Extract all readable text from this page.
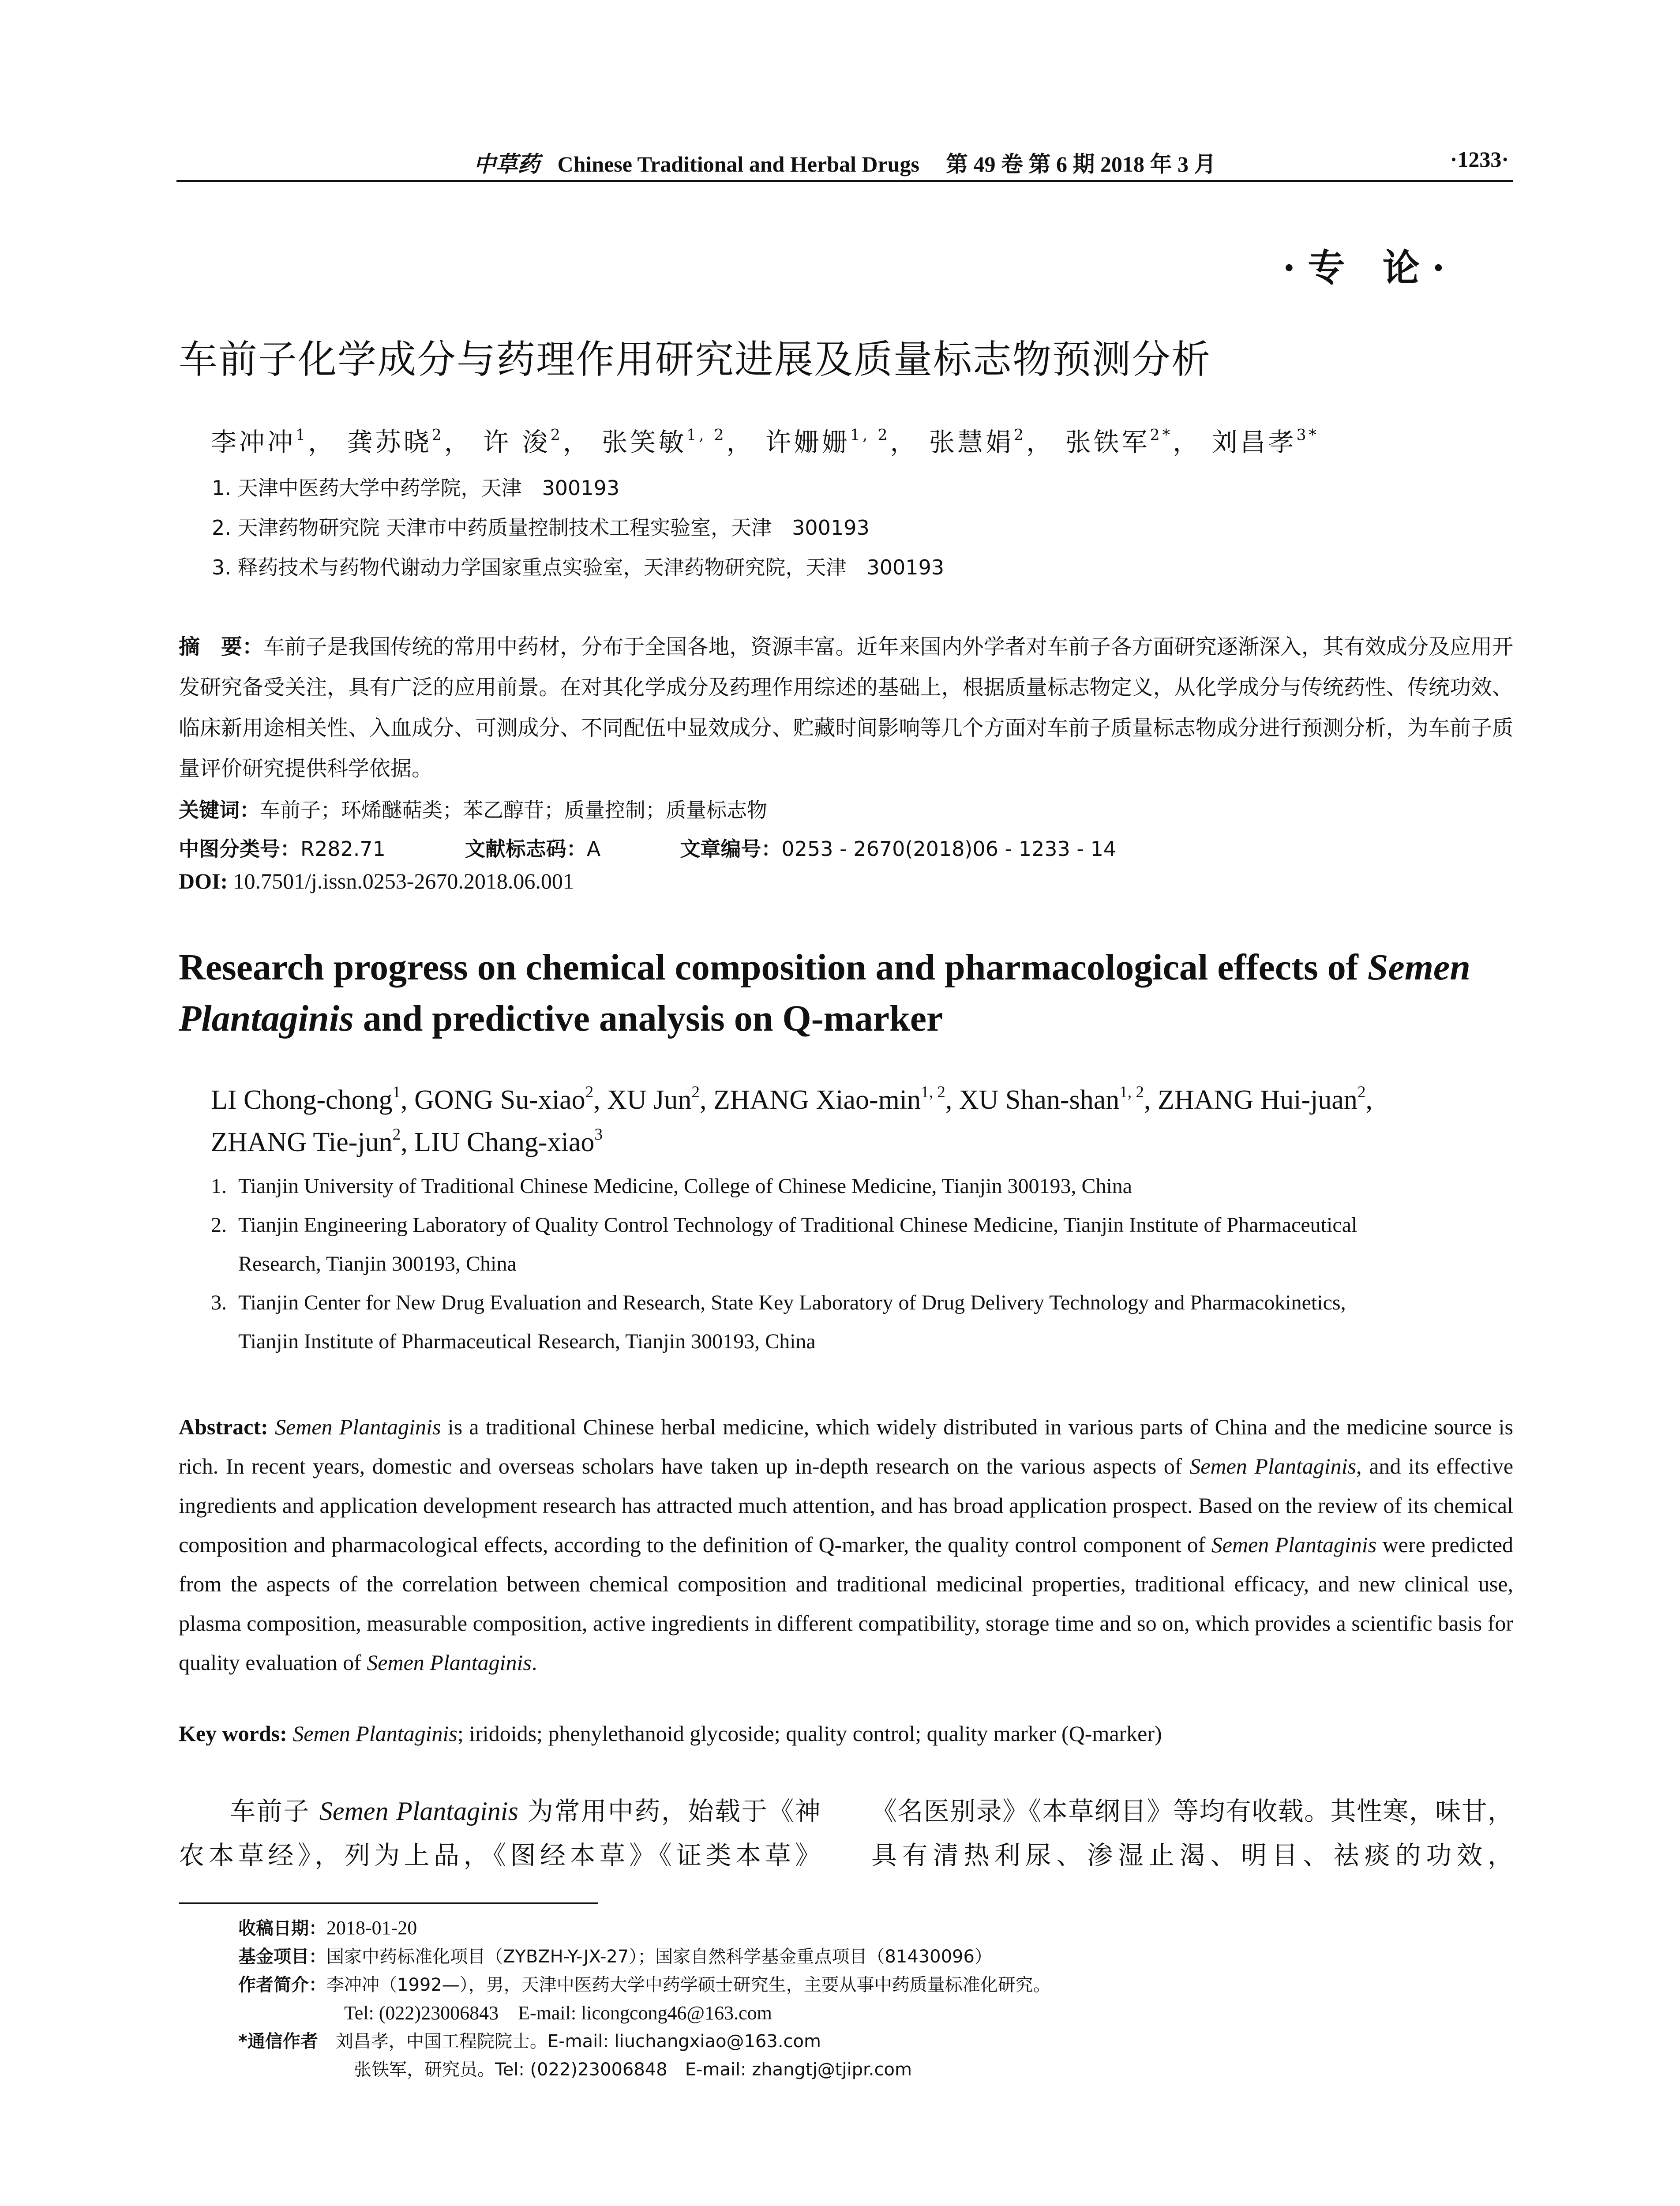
中草药 Chinese Traditional and Herbal Drugs 第 49 卷 第 6 期 2018 年 3 月	·1233·
·专 论·
车前子化学成分与药理作用研究进展及质量标志物预测分析
李冲冲$^1$， 龚苏晓$^2$， 许 浚$^2$， 张笑敏$^{1, 2}$， 许姗姗$^{1, 2}$， 张慧娟$^2$， 张铁军$^{2*}$， 刘昌孝$^{3*}$
1. 天津中医药大学中药学院，天津　300193
2. 天津药物研究院 天津市中药质量控制技术工程实验室，天津　300193
3. 释药技术与药物代谢动力学国家重点实验室，天津药物研究院，天津　300193
摘　要：车前子是我国传统的常用中药材，分布于全国各地，资源丰富。近年来国内外学者对车前子各方面研究逐渐深入，其有效成分及应用开发研究备受关注，具有广泛的应用前景。在对其化学成分及药理作用综述的基础上，根据质量标志物定义，从化学成分与传统药性、传统功效、临床新用途相关性、入血成分、可测成分、不同配伍中显效成分、贮藏时间影响等几个方面对车前子质量标志物成分进行预测分析，为车前子质量评价研究提供科学依据。
关键词：车前子；环烯醚萜类；苯乙醇苷；质量控制；质量标志物
中图分类号：R282.71	文献标志码：A	文章编号：0253 - 2670(2018)06 - 1233 - 14
DOI: 10.7501/j.issn.0253-2670.2018.06.001
Research progress on chemical composition and pharmacological effects of Semen Plantaginis and predictive analysis on Q-marker
LI Chong-chong$^1$, GONG Su-xiao$^2$, XU Jun$^2$, ZHANG Xiao-$\min^{1, 2}$, XU Shan-shan$^{1, 2}$, ZHANG Hui-juan$^2$,
ZHANG Tie-jun$^2$, LIU Chang-xiao$^3$
1. Tianjin University of Traditional Chinese Medicine, College of Chinese Medicine, Tianjin 300193, China
2. Tianjin Engineering Laboratory of Quality Control Technology of Traditional Chinese Medicine, Tianjin Institute of Pharmaceutical
Research, Tianjin 300193, China
3. Tianjin Center for New Drug Evaluation and Research, State Key Laboratory of Drug Delivery Technology and Pharmacokinetics,
Tianjin Institute of Pharmaceutical Research, Tianjin 300193, China
Abstract: Semen Plantaginis is a traditional Chinese herbal medicine, which widely distributed in various parts of China and the medicine source is rich. In recent years, domestic and overseas scholars have taken up in-depth research on the various aspects of Semen Plantaginis, and its effective ingredients and application development research has attracted much attention, and has broad application prospect. Based on the review of its chemical composition and pharmacological effects, according to the definition of Q-marker, the quality control component of Semen Plantaginis were predicted from the aspects of the correlation between chemical composition and traditional medicinal properties, traditional efficacy, and new clinical use, plasma composition, measurable composition, active ingredients in different compatibility, storage time and so on, which provides a scientific basis for quality evaluation of Semen Plantaginis.
Key words: Semen Plantaginis; iridoids; phenylethanoid glycoside; quality control; quality marker (Q-marker)
车前子 Semen Plantaginis 为常用中药，始载于《神农本草经》，列为上品，《图经本草》《证类本草》
《名医别录》《本草纲目》等均有收载。其性寒，味甘，具有清热利尿、渗湿止渴、明目、祛痰的功效，
收稿日期：2018-01-20
基金项目：国家中药标准化项目（ZYBZH-Y-JX-27）；国家自然科学基金重点项目（81430096）
作者简介：李冲冲（1992—），男，天津中医药大学中药学硕士研究生，主要从事中药质量标准化研究。
Tel: (022)23006843　E-mail: licongcong46@163.com
*通信作者　 刘昌孝，中国工程院院士。E-mail: liuchangxiao@163.com
张铁军，研究员。Tel: (022)23006848　E-mail: zhangtj@tjipr.com
